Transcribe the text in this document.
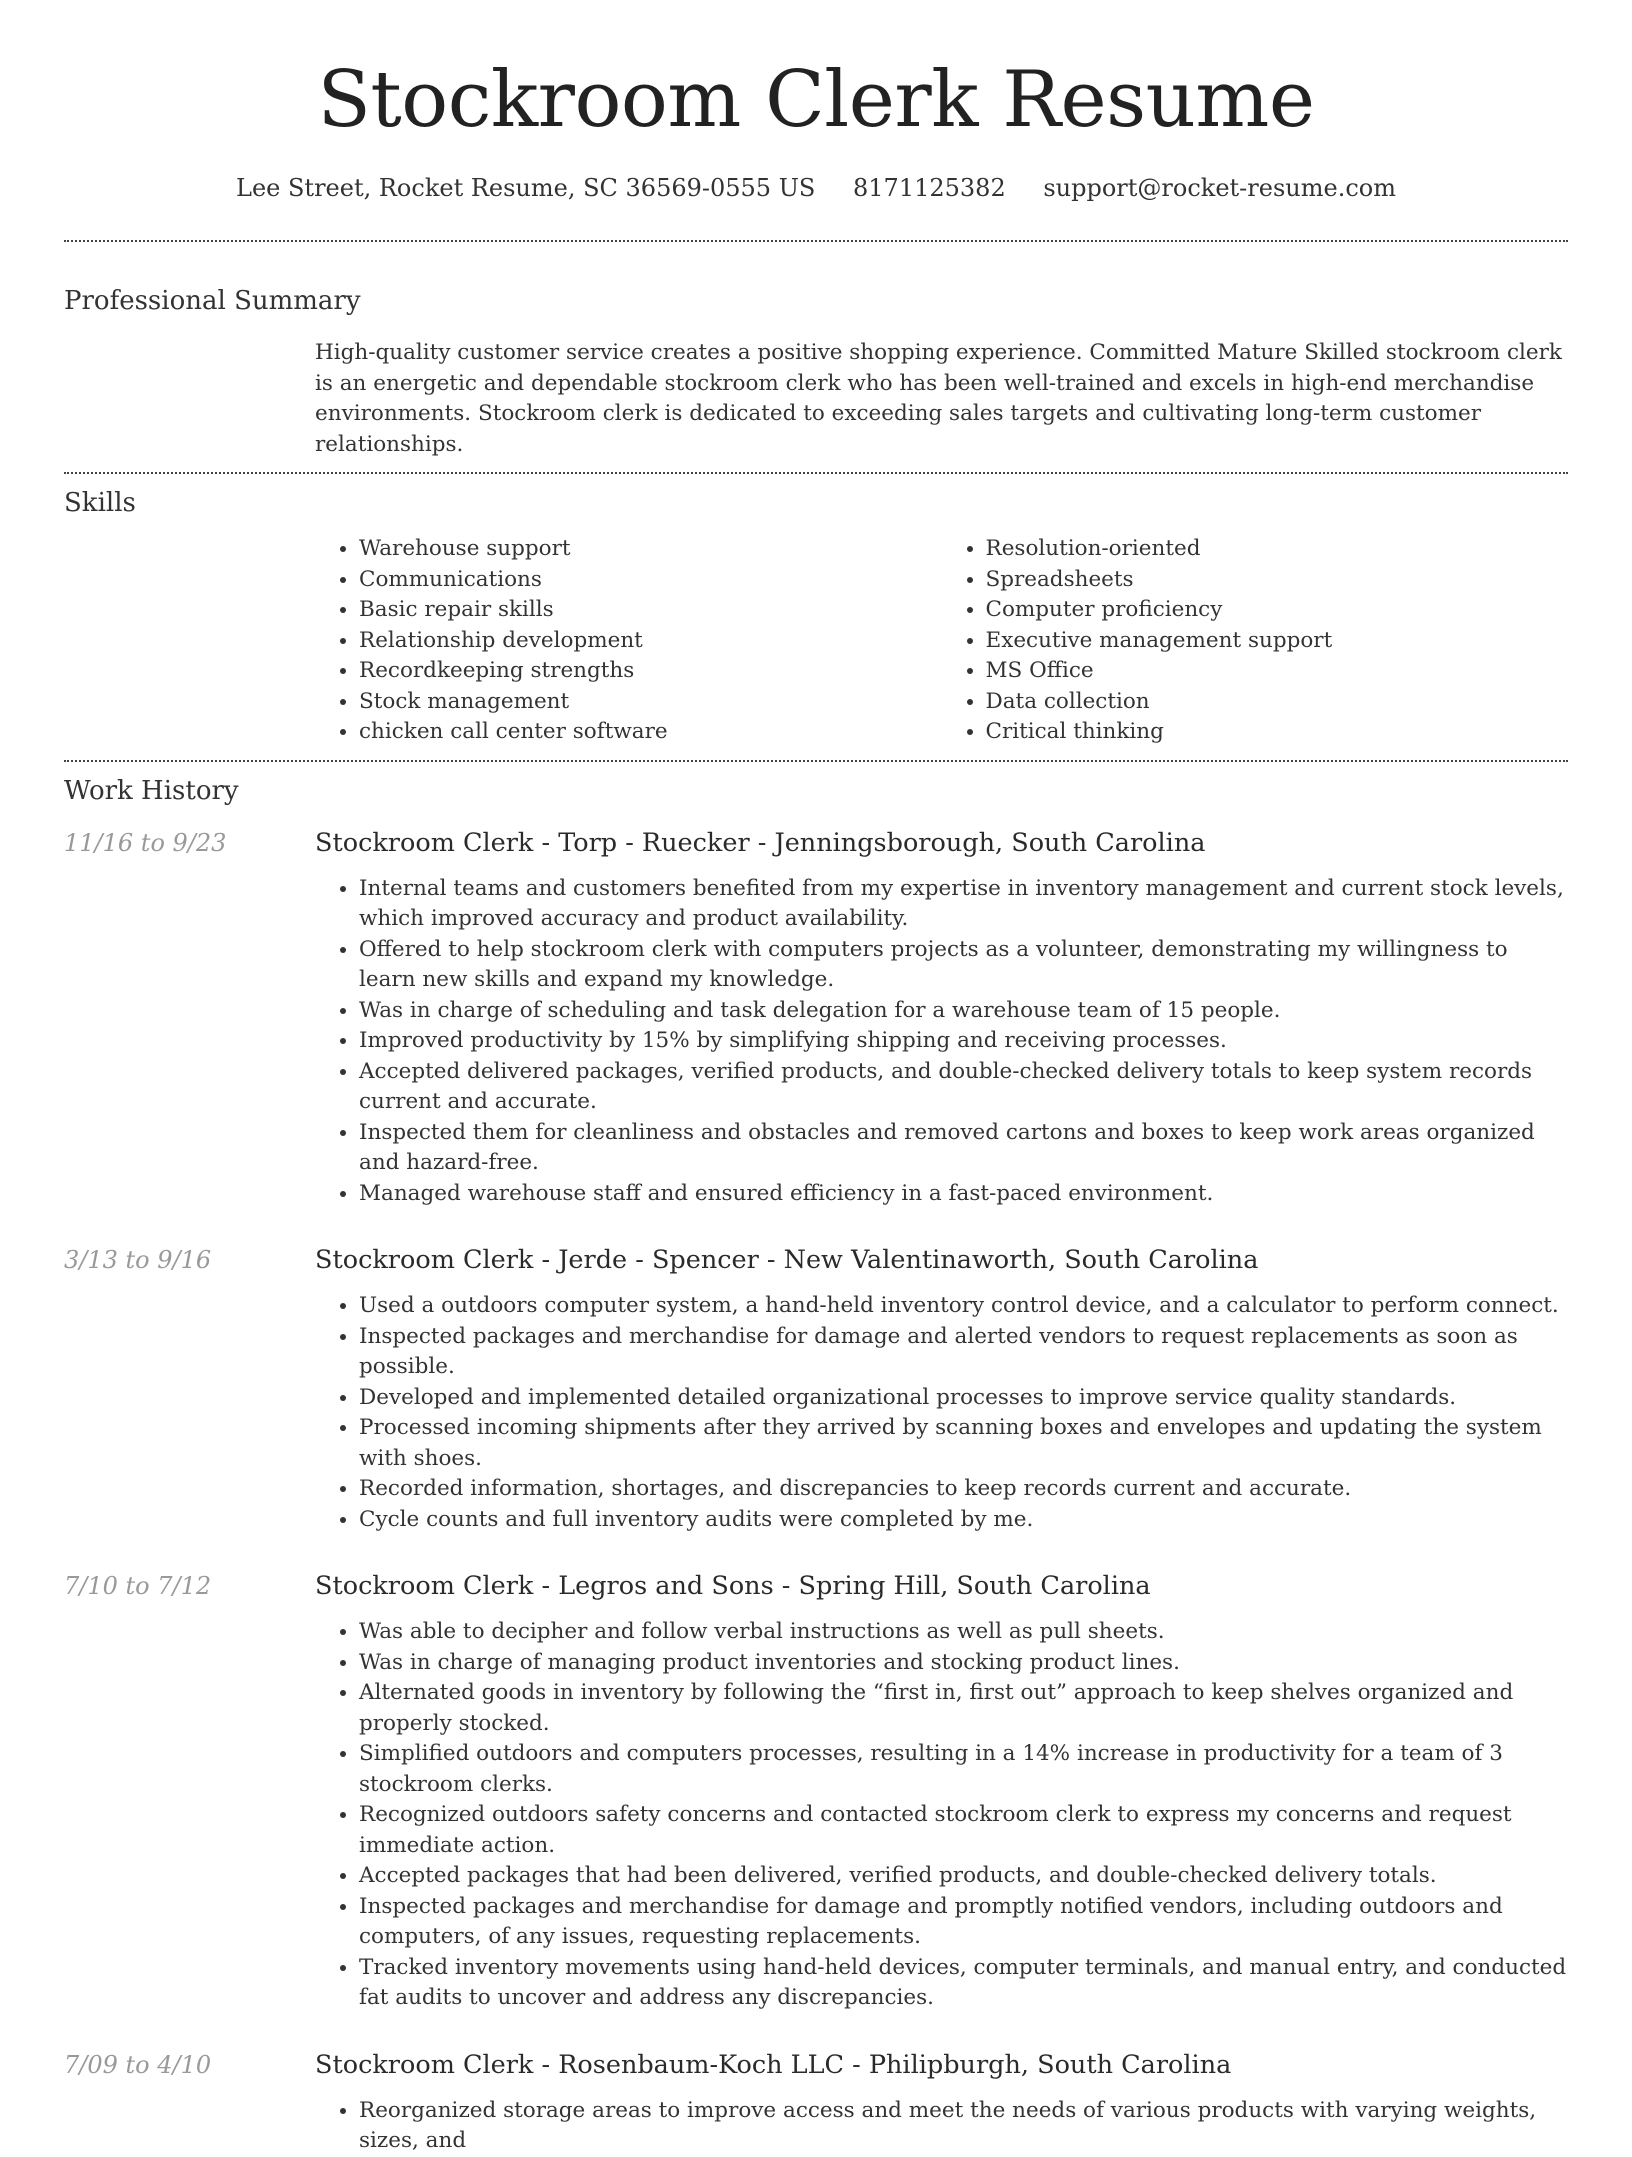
Stockroom Clerk Resume
Lee Street, Rocket Resume, SC 36569-0555 US 8171125382 support@rocket-resume.com
Professional Summary
High-quality customer service creates a positive shopping experience. Committed Mature Skilled stockroom clerk is an energetic and dependable stockroom clerk who has been well-trained and excels in high-end merchandise environments. Stockroom clerk is dedicated to exceeding sales targets and cultivating long-term customer relationships.
Skills
• Warehouse support
• Communications
• Basic repair skills
• Relationship development
• Recordkeeping strengths
• Stock management
• chicken call center software
• Resolution-oriented
• Spreadsheets
• Computer proficiency
• Executive management support
• MS Office
• Data collection
• Critical thinking
Work History
11/16 to 9/23	Stockroom Clerk - Torp - Ruecker - Jenningsborough, South Carolina
• Internal teams and customers benefited from my expertise in inventory management and current stock levels, which improved accuracy and product availability.
• Offered to help stockroom clerk with computers projects as a volunteer, demonstrating my willingness to learn new skills and expand my knowledge.
• Was in charge of scheduling and task delegation for a warehouse team of 15 people.
• Improved productivity by 15% by simplifying shipping and receiving processes.
• Accepted delivered packages, verified products, and double-checked delivery totals to keep system records current and accurate.
• Inspected them for cleanliness and obstacles and removed cartons and boxes to keep work areas organized and hazard-free.
• Managed warehouse staff and ensured efficiency in a fast-paced environment.
3/13 to 9/16	Stockroom Clerk - Jerde - Spencer - New Valentinaworth, South Carolina
• Used a outdoors computer system, a hand-held inventory control device, and a calculator to perform connect.
• Inspected packages and merchandise for damage and alerted vendors to request replacements as soon as possible.
• Developed and implemented detailed organizational processes to improve service quality standards.
• Processed incoming shipments after they arrived by scanning boxes and envelopes and updating the system with shoes.
• Recorded information, shortages, and discrepancies to keep records current and accurate.
• Cycle counts and full inventory audits were completed by me.
7/10 to 7/12	Stockroom Clerk - Legros and Sons - Spring Hill, South Carolina
• Was able to decipher and follow verbal instructions as well as pull sheets.
• Was in charge of managing product inventories and stocking product lines.
• Alternated goods in inventory by following the “first in, first out” approach to keep shelves organized and properly stocked.
• Simplified outdoors and computers processes, resulting in a 14% increase in productivity for a team of 3 stockroom clerks.
• Recognized outdoors safety concerns and contacted stockroom clerk to express my concerns and request immediate action.
• Accepted packages that had been delivered, verified products, and double-checked delivery totals.
• Inspected packages and merchandise for damage and promptly notified vendors, including outdoors and computers, of any issues, requesting replacements.
• Tracked inventory movements using hand-held devices, computer terminals, and manual entry, and conducted fat audits to uncover and address any discrepancies.
7/09 to 4/10	Stockroom Clerk - Rosenbaum-Koch LLC - Philipburgh, South Carolina
• Reorganized storage areas to improve access and meet the needs of various products with varying weights, sizes, and
